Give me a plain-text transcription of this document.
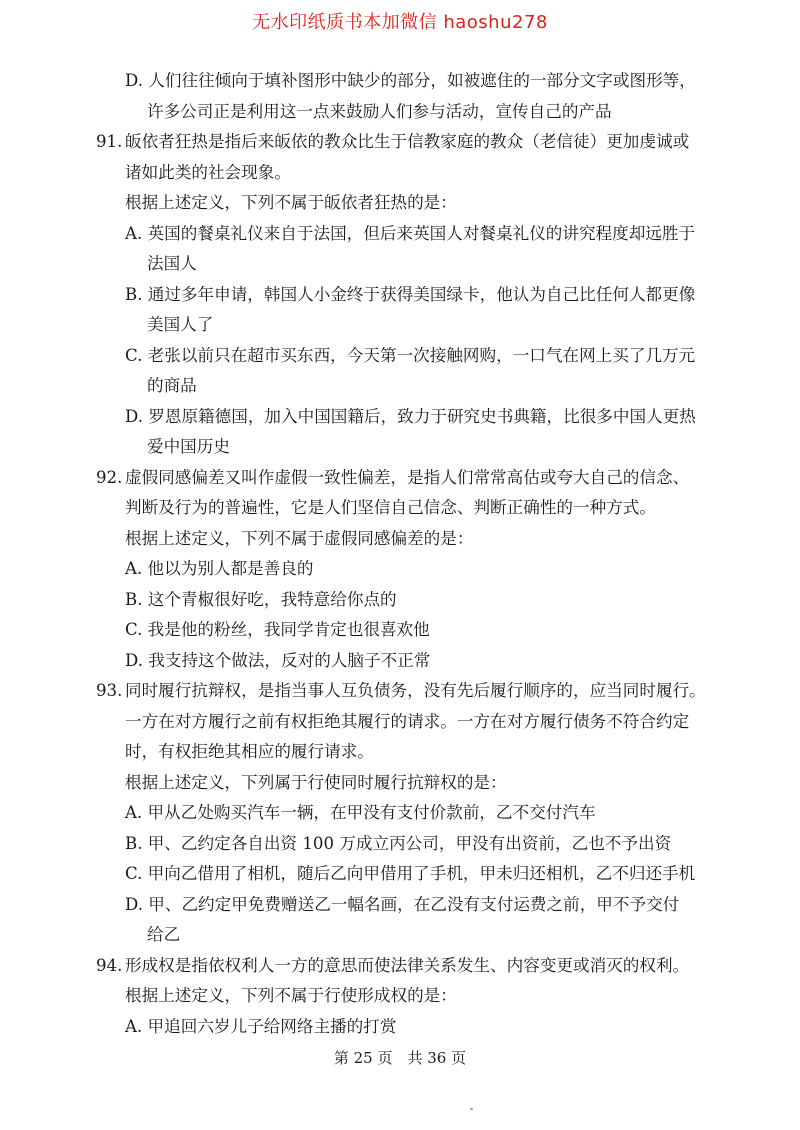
无水印纸质书本加微信 haoshu278
D. 人们往往倾向于填补图形中缺少的部分，如被遮住的一部分文字或图形等，
许多公司正是利用这一点来鼓励人们参与活动，宣传自己的产品
91. 皈依者狂热是指后来皈依的教众比生于信教家庭的教众（老信徒）更加虔诚或
诸如此类的社会现象。
根据上述定义，下列不属于皈依者狂热的是：
A. 英国的餐桌礼仪来自于法国，但后来英国人对餐桌礼仪的讲究程度却远胜于
法国人
B. 通过多年申请，韩国人小金终于获得美国绿卡，他认为自己比任何人都更像
美国人了
C. 老张以前只在超市买东西，今天第一次接触网购，一口气在网上买了几万元
的商品
D. 罗恩原籍德国，加入中国国籍后，致力于研究史书典籍，比很多中国人更热
爱中国历史
92. 虚假同感偏差又叫作虚假一致性偏差，是指人们常常高估或夸大自己的信念、
判断及行为的普遍性，它是人们坚信自己信念、判断正确性的一种方式。
根据上述定义，下列不属于虚假同感偏差的是：
A. 他以为别人都是善良的
B. 这个青椒很好吃，我特意给你点的
C. 我是他的粉丝，我同学肯定也很喜欢他
D. 我支持这个做法，反对的人脑子不正常
93. 同时履行抗辩权，是指当事人互负债务，没有先后履行顺序的，应当同时履行。
一方在对方履行之前有权拒绝其履行的请求。一方在对方履行债务不符合约定
时，有权拒绝其相应的履行请求。
根据上述定义，下列属于行使同时履行抗辩权的是：
A. 甲从乙处购买汽车一辆，在甲没有支付价款前，乙不交付汽车
B. 甲、乙约定各自出资 100 万成立丙公司，甲没有出资前，乙也不予出资
C. 甲向乙借用了相机，随后乙向甲借用了手机，甲未归还相机，乙不归还手机
D. 甲、乙约定甲免费赠送乙一幅名画，在乙没有支付运费之前，甲不予交付
给乙
94. 形成权是指依权利人一方的意思而使法律关系发生、内容变更或消灭的权利。
根据上述定义，下列不属于行使形成权的是：
A. 甲追回六岁儿子给网络主播的打赏
第 25 页　共 36 页
